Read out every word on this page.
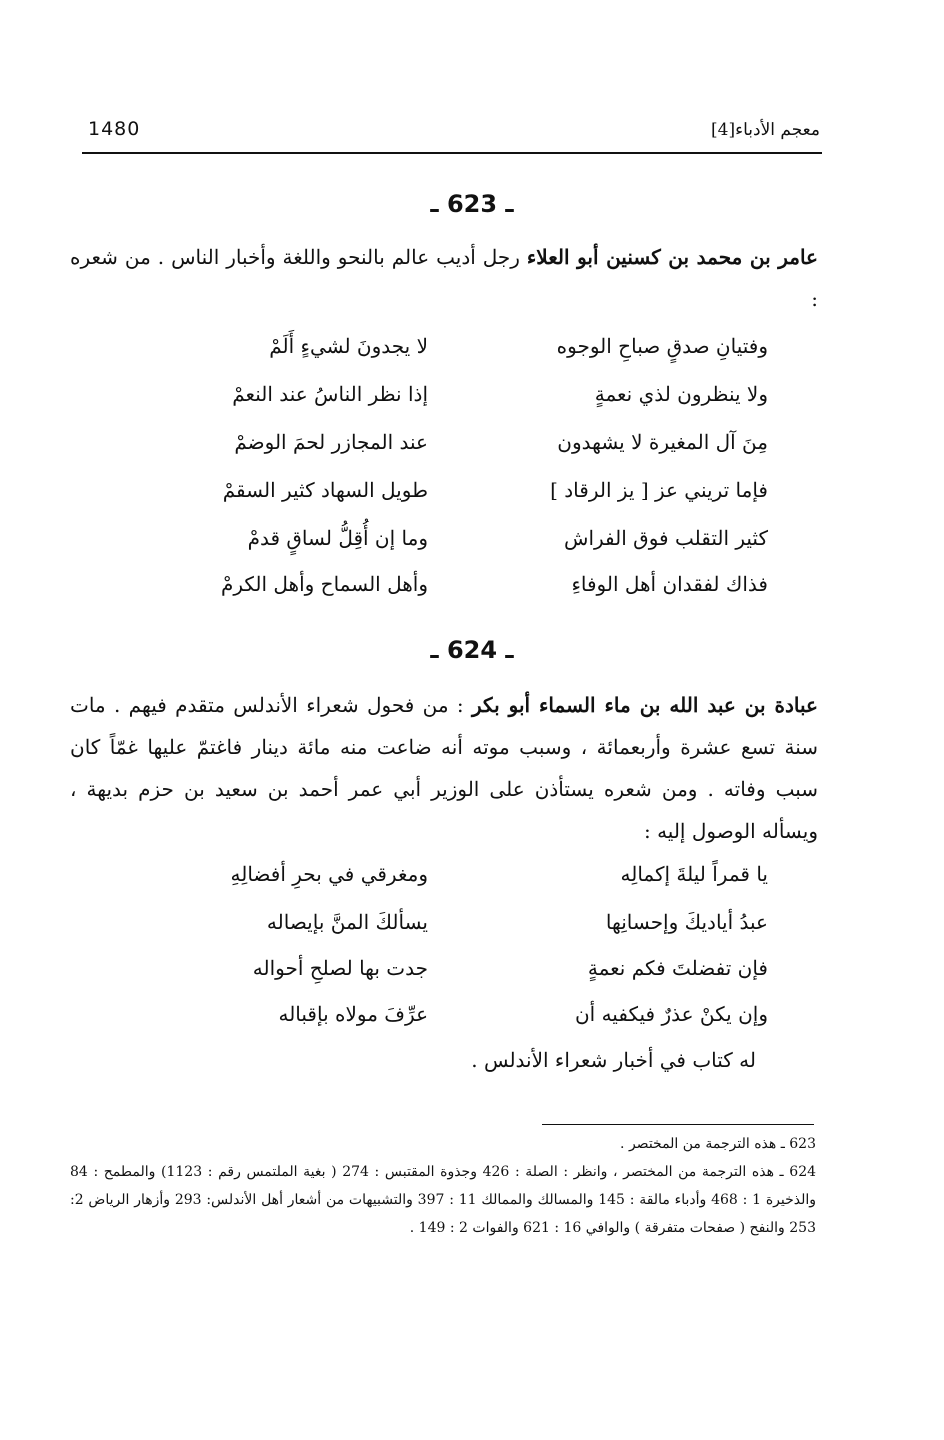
1480	معجم الأدباء[4]
ـ 623 ـ

عامر بن محمد بن كسنين أبو العلاء رجل أديب عالم بالنحو واللغة وأخبار الناس . من شعره :

وفتيانِ صدقٍ صباحِ الوجوه
لا يجدونَ لشيءٍ أَلَمْ
ولا ينظرون لذي نعمةٍ
إذا نظر الناسُ عند النعمْ
مِنَ آل المغيرة لا يشهدون
عند المجازر لحمَ الوضمْ
فإما تريني عز [ يز الرقاد ]
طويل السهاد كثير السقمْ
كثير التقلب فوق الفراش
وما إن أُقِلُّ لساقٍ قدمْ
فذاك لفقدان أهل الوفاءِ
وأهل السماح وأهل الكرمْ
ـ 624 ـ

عبادة بن عبد الله بن ماء السماء أبو بكر : من فحول شعراء الأندلس متقدم فيهم . مات سنة تسع عشرة وأربعمائة ، وسبب موته أنه ضاعت منه مائة دينار فاغتمّ عليها غمّاً كان سبب وفاته . ومن شعره يستأذن على الوزير أبي عمر أحمد بن سعيد بن حزم بديهة ، ويسأله الوصول إليه :

يا قمراً ليلةَ إكمالِه
ومغرقي في بحرِ أفضالِهِ
عبدُ أياديكَ وإحسانِها
يسألكَ المنَّ بإيصاله
فإن تفضلتَ فكم نعمةٍ
جدت بها لصلحِ أحواله
وإن يكنْ عذرٌ فيكفيه أن
عرِّفَ مولاه بإقباله
له كتاب في أخبار شعراء الأندلس .

623 ـ هذه الترجمة من المختصر .

624 ـ هذه الترجمة من المختصر ، وانظر : الصلة : 426 وجذوة المقتبس : 274 ( بغية الملتمس رقم : 1123) والمطمح : 84 والذخيرة 1 : 468 وأدباء مالقة : 145 والمسالك والممالك 11 : 397 والتشبيهات من أشعار أهل الأندلس: 293 وأزهار الرياض 2: 253 والنفح ( صفحات متفرقة ) والوافي 16 : 621 والفوات 2 : 149 .
